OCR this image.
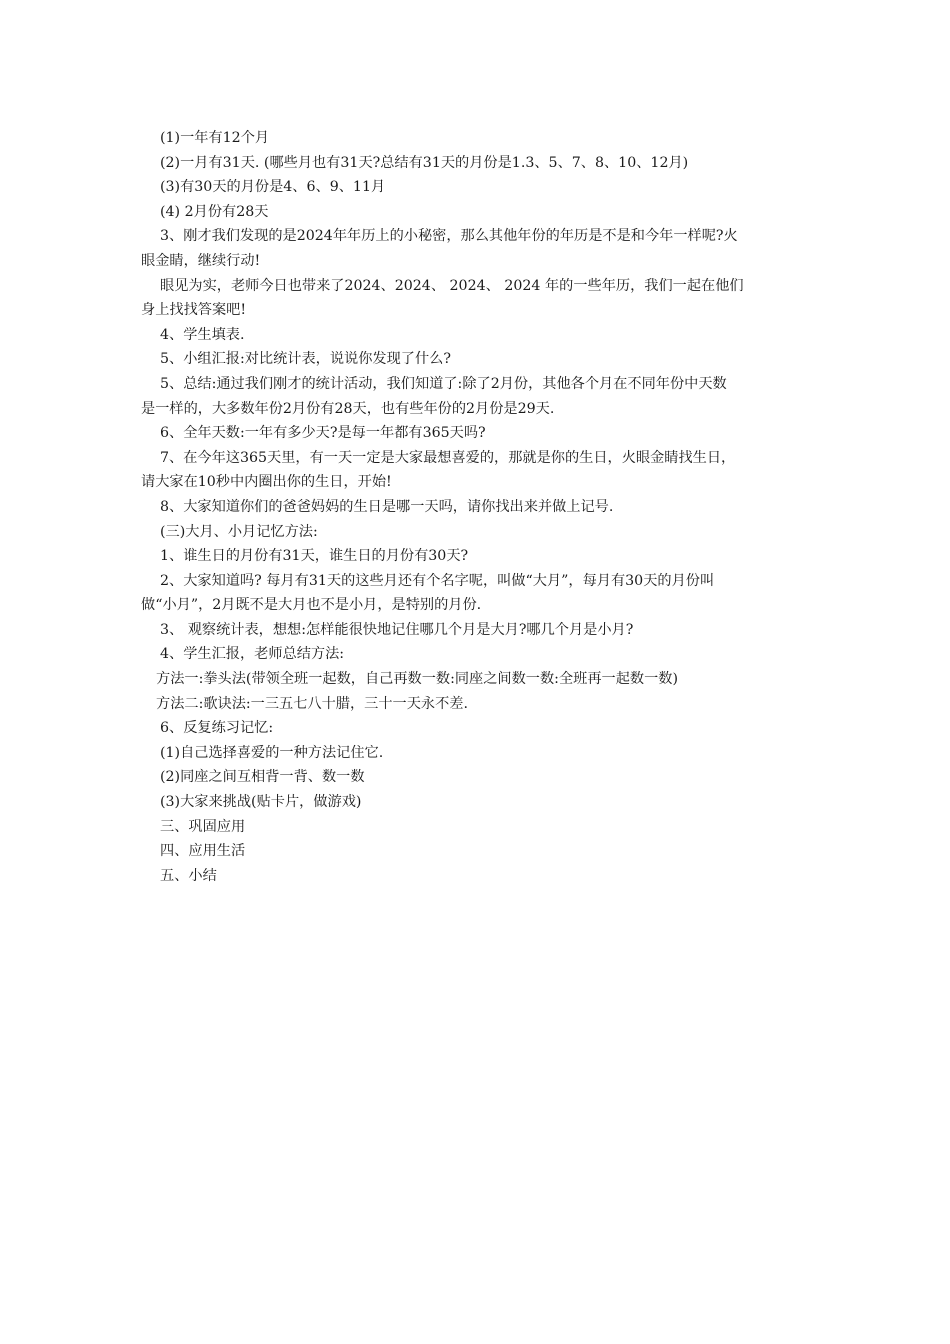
(1)一年有12个月
(2)一月有31天. (哪些月也有31天?总结有31天的月份是1.3、5、7、8、10、12月)
(3)有30天的月份是4、6、9、11月
(4) 2月份有28天
3、刚才我们发现的是2024年年历上的小秘密，那么其他年份的年历是不是和今年一样呢?火
眼金睛，继续行动!
眼见为实，老师今日也带来了2024、2024、 2024、 2024 年的一些年历，我们一起在他们
身上找找答案吧!
4、学生填表.
5、小组汇报:对比统计表，说说你发现了什么?
5、总结:通过我们刚才的统计活动，我们知道了:除了2月份，其他各个月在不同年份中天数
是一样的，大多数年份2月份有28天，也有些年份的2月份是29天.
6、全年天数:一年有多少天?是每一年都有365天吗?
7、在今年这365天里，有一天一定是大家最想喜爱的，那就是你的生日，火眼金睛找生日，
请大家在10秒中内圈出你的生日，开始!
8、大家知道你们的爸爸妈妈的生日是哪一天吗，请你找出来并做上记号.
(三)大月、小月记忆方法:
1、谁生日的月份有31天，谁生日的月份有30天?
2、大家知道吗? 每月有31天的这些月还有个名字呢，叫做“大月”，每月有30天的月份叫
做“小月”，2月既不是大月也不是小月，是特别的月份.
3、 观察统计表，想想:怎样能很快地记住哪几个月是大月?哪几个月是小月?
4、学生汇报，老师总结方法:
方法一:拳头法(带领全班一起数，自己再数一数:同座之间数一数:全班再一起数一数)
方法二:歌诀法:一三五七八十腊，三十一天永不差.
6、反复练习记忆:
(1)自己选择喜爱的一种方法记住它.
(2)同座之间互相背一背、数一数
(3)大家来挑战(贴卡片，做游戏)
三、巩固应用
四、应用生活
五、小结
